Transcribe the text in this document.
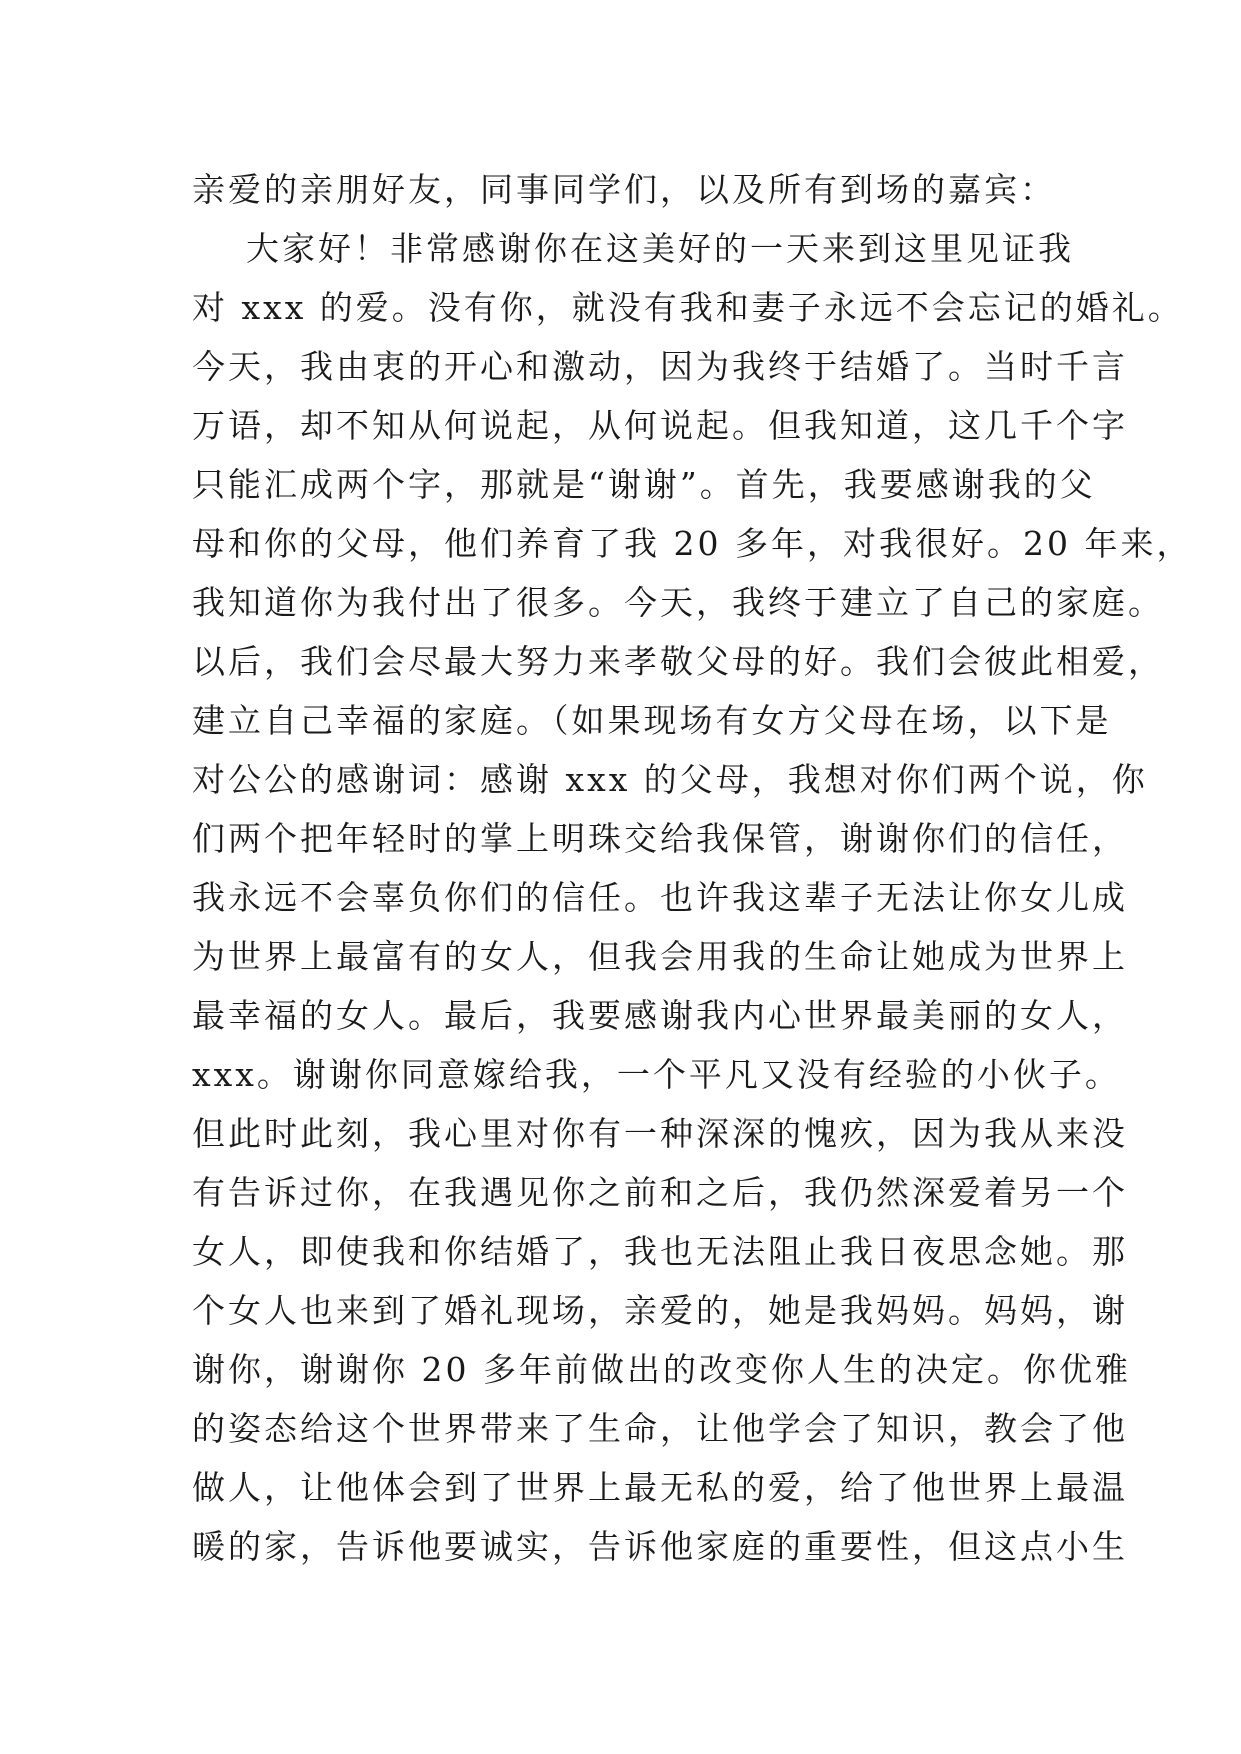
亲爱的亲朋好友，同事同学们，以及所有到场的嘉宾：
大家好！非常感谢你在这美好的一天来到这里见证我
对 xxx 的爱。没有你，就没有我和妻子永远不会忘记的婚礼。
今天，我由衷的开心和激动，因为我终于结婚了。当时千言
万语，却不知从何说起，从何说起。但我知道，这几千个字
只能汇成两个字，那就是“谢谢”。首先，我要感谢我的父
母和你的父母，他们养育了我 20 多年，对我很好。20 年来，
我知道你为我付出了很多。今天，我终于建立了自己的家庭。
以后，我们会尽最大努力来孝敬父母的好。我们会彼此相爱，
建立自己幸福的家庭。（如果现场有女方父母在场，以下是
对公公的感谢词：感谢 xxx 的父母，我想对你们两个说，你
们两个把年轻时的掌上明珠交给我保管，谢谢你们的信任，
我永远不会辜负你们的信任。也许我这辈子无法让你女儿成
为世界上最富有的女人，但我会用我的生命让她成为世界上
最幸福的女人。最后，我要感谢我内心世界最美丽的女人，
xxx。谢谢你同意嫁给我，一个平凡又没有经验的小伙子。
但此时此刻，我心里对你有一种深深的愧疚，因为我从来没
有告诉过你，在我遇见你之前和之后，我仍然深爱着另一个
女人，即使我和你结婚了，我也无法阻止我日夜思念她。那
个女人也来到了婚礼现场，亲爱的，她是我妈妈。妈妈，谢
谢你，谢谢你 20 多年前做出的改变你人生的决定。你优雅
的姿态给这个世界带来了生命，让他学会了知识，教会了他
做人，让他体会到了世界上最无私的爱，给了他世界上最温
暖的家，告诉他要诚实，告诉他家庭的重要性，但这点小生
